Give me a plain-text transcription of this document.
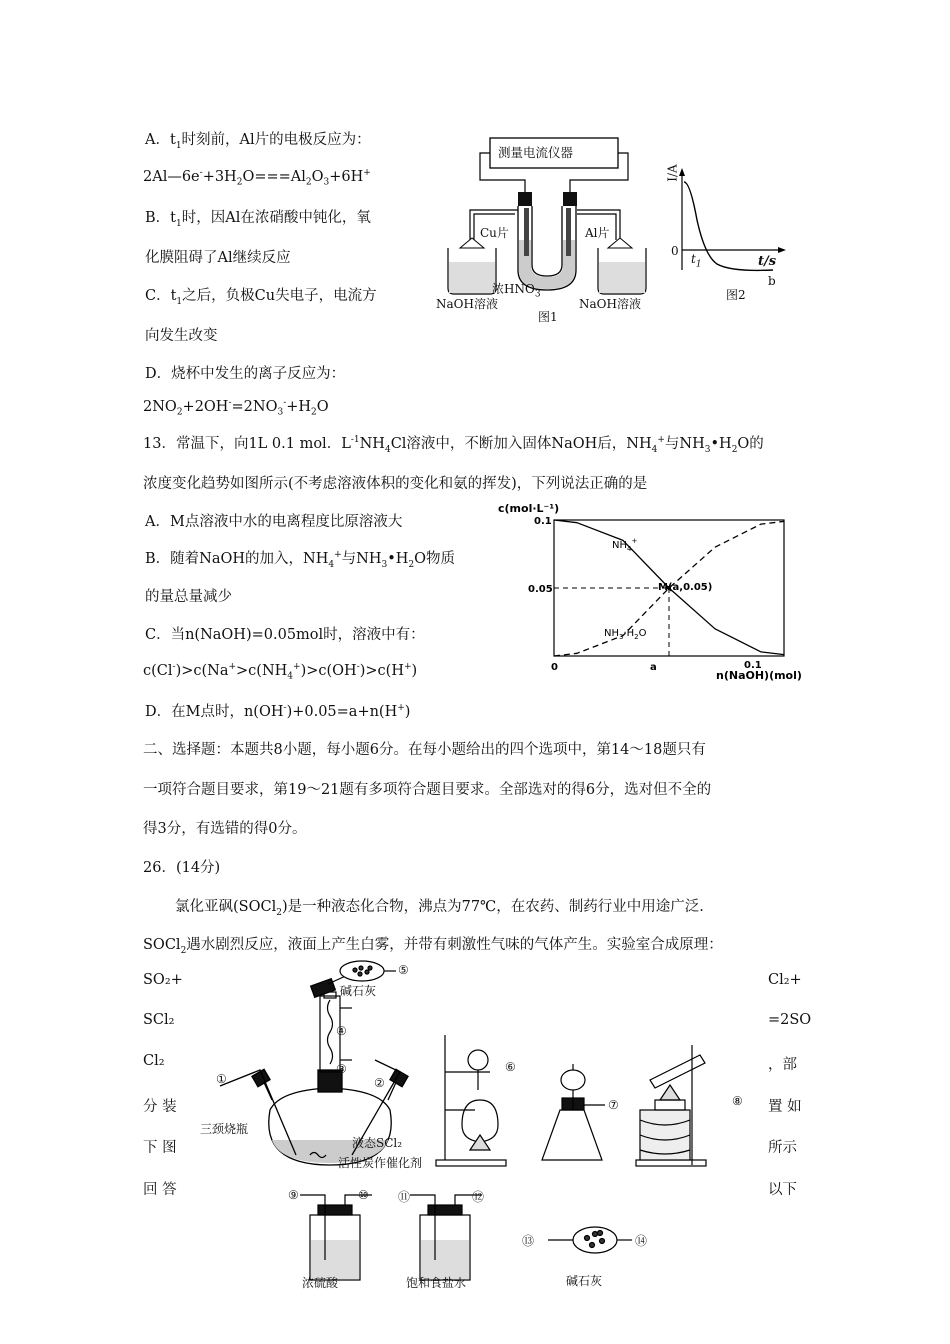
A．$t_1$时刻前，Al片的电极反应为：
$2Al—6e^-+3H_2O===Al_2O_3+6H^+$
B．$t_1$时，因Al在浓硝酸中钝化，氧
化膜阻碍了Al继续反应
C．$t_1$之后，负极Cu失电子，电流方
向发生改变
D．烧杯中发生的离子反应为：
$2NO_2+2OH^-=2NO_3^-+H_2O$
测量电流仪器
Cu片	Al片
浓$HNO_3$
NaOH溶液	NaOH溶液
图1
I/A
0
$t_1$	t/s
图2
b
13．常温下，向1L 0.1 mol．$L^{-1}NH_4Cl$溶液中，不断加入固体NaOH后，$NH_4^+$与$NH_3•H_2O$的
浓度变化趋势如图所示(不考虑溶液体积的变化和氨的挥发)，下列说法正确的是
A．M点溶液中水的电离程度比原溶液大
B．随着NaOH的加入，$NH_4^+$与$NH_3•H_2O$物质
的量总量减少
C．当n(NaOH)=0.05mol时，溶液中有：
$c(Cl^-)>c(Na^+>c(NH_4^+)>c(OH^-)>c(H^+)$
D．在M点时，n(OH-)+0.05=a+n(H+)
c(mol·L⁻¹)
0.1
0.05
0	a	0.1
n(NaOH)(mol)
$NH_4^+$
$NH_3\cdot H_2O$
M(a,0.05)
二、选择题：本题共8小题，每小题6分。在每小题给出的四个选项中，第14～18题只有
一项符合题目要求，第19～21题有多项符合题目要求。全部选对的得6分，选对但不全的
得3分，有选错的得0分。
26．(14分)
氯化亚砜(SOCl$_2$)是一种液态化合物，沸点为77℃，在农药、制药行业中用途广泛.
SOCl$_2$遇水剧烈反应，液面上产生白雾，并带有刺激性气味的气体产生。实验室合成原理：
SO₂+
SCl₂
Cl₂
分 装
下 图
回 答
Cl₂+
=2SO
，部
置 如
所示
以下
⑤
碱石灰
④
③
①	②
三颈烧瓶
液态SCl₂
活性炭作催化剂
⑥
⑦	⑧
⑨	⑩ ⑪	⑫
⑬	⑭
浓硫酸	饱和食盐水	碱石灰
